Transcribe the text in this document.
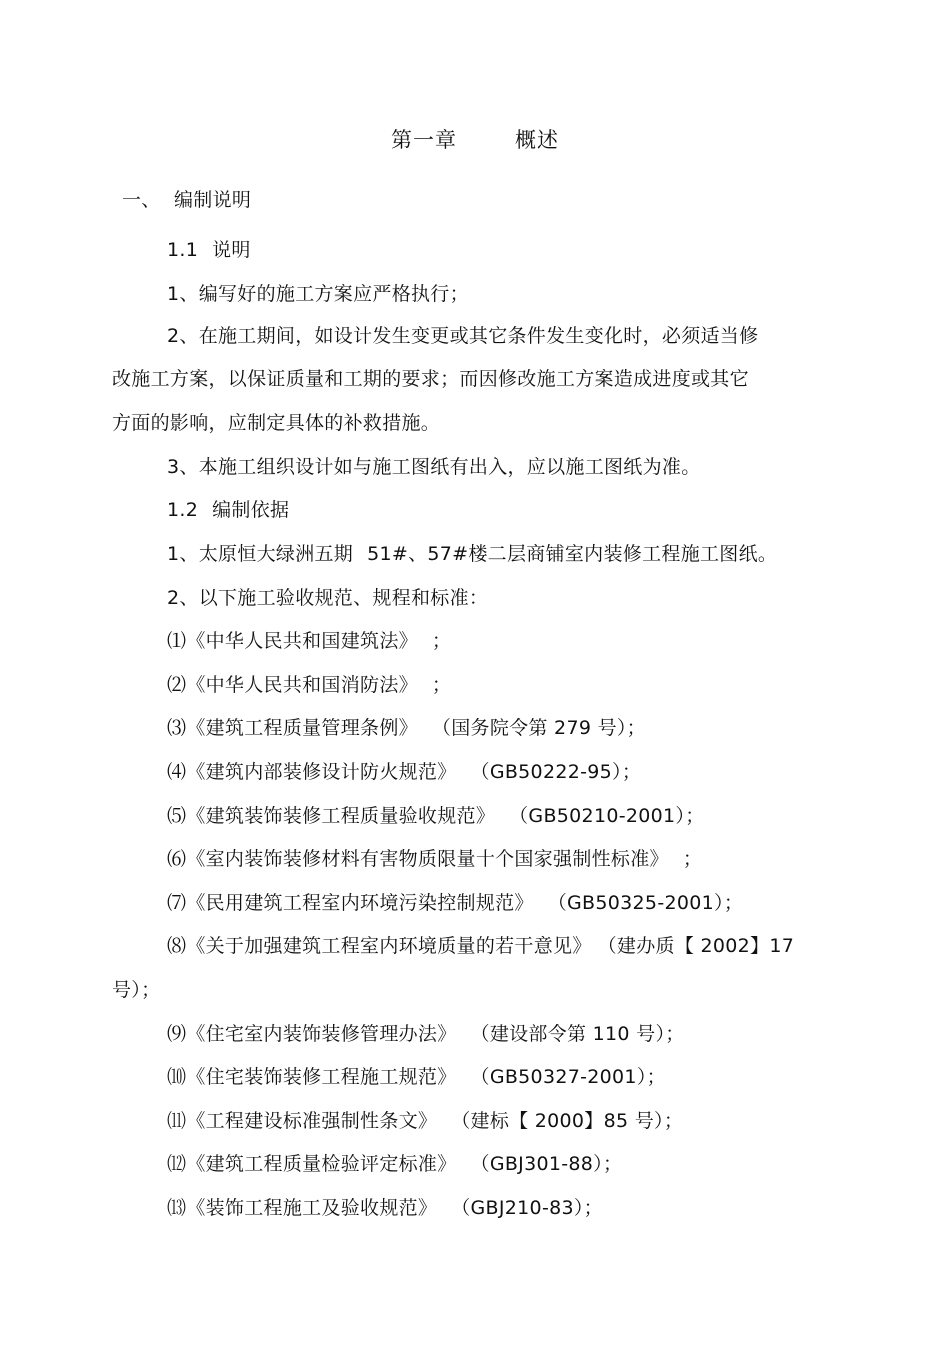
第一章	概述
一、 编制说明
1.1 说明
1、编写好的施工方案应严格执行；
2、在施工期间，如设计发生变更或其它条件发生变化时，必须适当修
改施工方案，以保证质量和工期的要求；而因修改施工方案造成进度或其它
方面的影响，应制定具体的补救措施。
3、本施工组织设计如与施工图纸有出入，应以施工图纸为准。
1.2 编制依据
1、太原恒大绿洲五期 51#、57#楼二层商铺室内装修工程施工图纸。
2、以下施工验收规范、规程和标准：
⑴《中华人民共和国建筑法》 ；
⑵《中华人民共和国消防法》 ；
⑶《建筑工程质量管理条例》 （国务院令第 279 号）；
⑷《建筑内部装修设计防火规范》 （GB50222-95）；
⑸《建筑装饰装修工程质量验收规范》 （GB50210-2001）；
⑹《室内装饰装修材料有害物质限量十个国家强制性标准》 ；
⑺《民用建筑工程室内环境污染控制规范》 （GB50325-2001）；
⑻《关于加强建筑工程室内环境质量的若干意见》 （建办质【 2002】17
号）；
⑼《住宅室内装饰装修管理办法》 （建设部令第 110 号）；
⑽《住宅装饰装修工程施工规范》 （GB50327-2001）；
⑾《工程建设标准强制性条文》 （建标【 2000】85 号）；
⑿《建筑工程质量检验评定标准》 （GBJ301-88）；
⒀《装饰工程施工及验收规范》 （GBJ210-83）；
